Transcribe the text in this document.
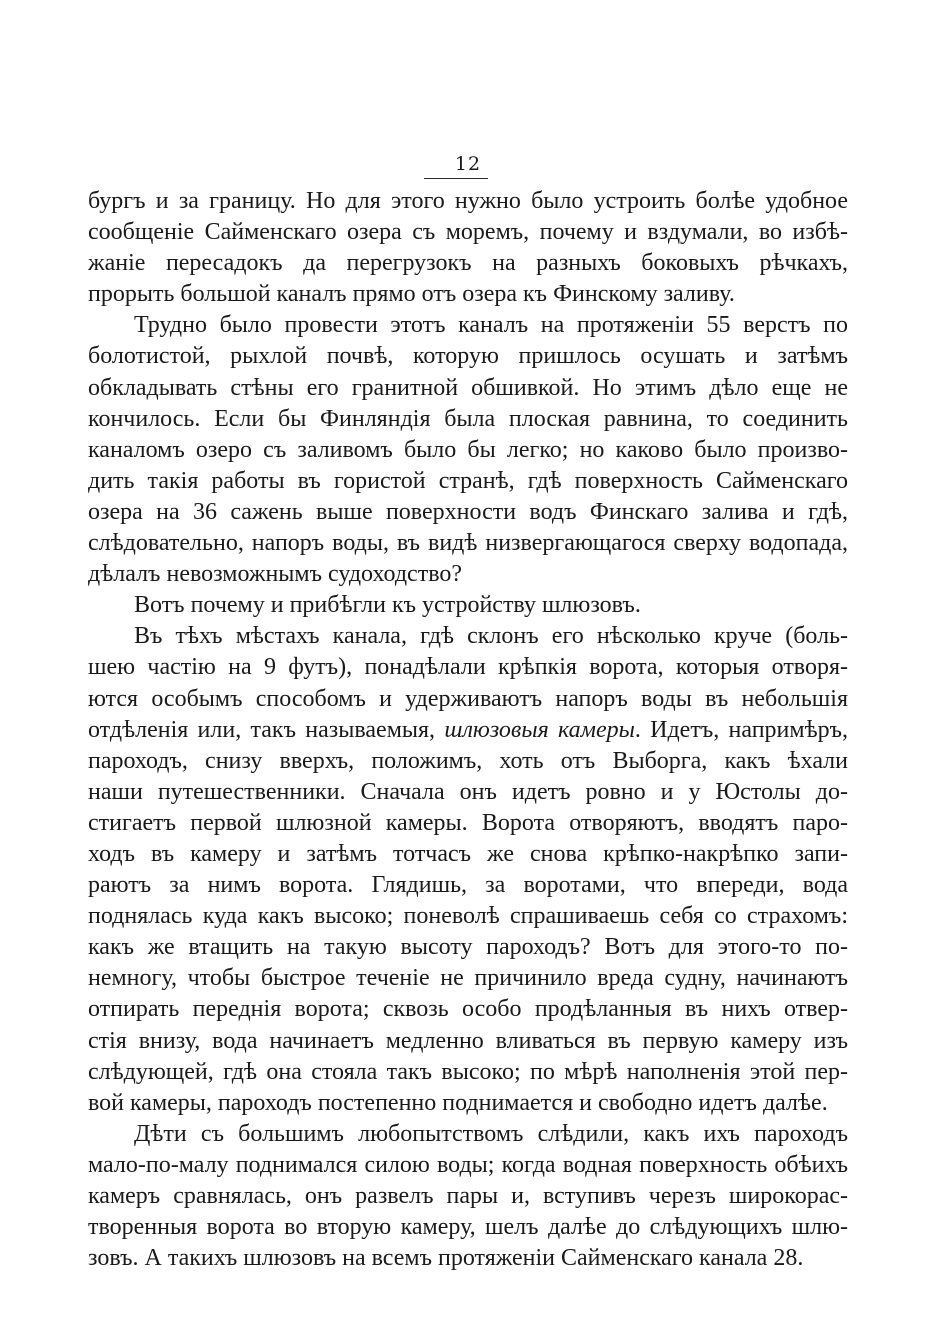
12
бургъ и за границу. Но для этого нужно было устроить болѣе удобное
сообщенiе Сайменскаго озера съ моремъ, почему и вздумали, во избѣ-
жанiе пересадокъ да перегрузокъ на разныхъ боковыхъ рѣчкахъ,
прорыть большой каналъ прямо отъ озера къ Финскому заливу.
Трудно было провести этотъ каналъ на протяженiи 55 верстъ по
болотистой, рыхлой почвѣ, которую пришлось осушать и затѣмъ
обкладывать стѣны его гранитной обшивкой. Но этимъ дѣло еще не
кончилось. Если бы Финляндiя была плоская равнина, то соединить
каналомъ озеро съ заливомъ было бы легко; но каково было произво-
дить такiя работы въ гористой странѣ, гдѣ поверхность Сайменскаго
озера на 36 сажень выше поверхности водъ Финскаго залива и гдѣ,
слѣдовательно, напоръ воды, въ видѣ низвергающагося сверху водопада,
дѣлалъ невозможнымъ судоходство?
Вотъ почему и прибѣгли къ устройству шлюзовъ.
Въ тѣхъ мѣстахъ канала, гдѣ склонъ его нѣсколько круче (боль-
шею частiю на 9 футъ), понадѣлали крѣпкiя ворота, которыя отворя-
ются особымъ способомъ и удерживаютъ напоръ воды въ небольшiя
отдѣленiя или, такъ называемыя, шлюзовыя камеры. Идетъ, напримѣръ,
пароходъ, снизу вверхъ, положимъ, хоть отъ Выборга, какъ ѣхали
наши путешественники. Сначала онъ идетъ ровно и у Юстолы до-
стигаетъ первой шлюзной камеры. Ворота отворяютъ, вводятъ паро-
ходъ въ камеру и затѣмъ тотчасъ же снова крѣпко-накрѣпко запи-
раютъ за нимъ ворота. Глядишь, за воротами, что впереди, вода
поднялась куда какъ высоко; поневолѣ спрашиваешь себя со страхомъ:
какъ же втащить на такую высоту пароходъ? Вотъ для этого-то по-
немногу, чтобы быстрое теченiе не причинило вреда судну, начинаютъ
отпирать переднiя ворота; сквозь особо продѣланныя въ нихъ отвер-
стiя внизу, вода начинаетъ медленно вливаться въ первую камеру изъ
слѣдующей, гдѣ она стояла такъ высоко; по мѣрѣ наполненiя этой пер-
вой камеры, пароходъ постепенно поднимается и свободно идетъ далѣе.
Дѣти съ большимъ любопытствомъ слѣдили, какъ ихъ пароходъ
мало-по-малу поднимался силою воды; когда водная поверхность обѣихъ
камеръ сравнялась, онъ развелъ пары и, вступивъ черезъ широкорас-
творенныя ворота во вторую камеру, шелъ далѣе до слѣдующихъ шлю-
зовъ. А такихъ шлюзовъ на всемъ протяженiи Сайменскаго канала 28.
